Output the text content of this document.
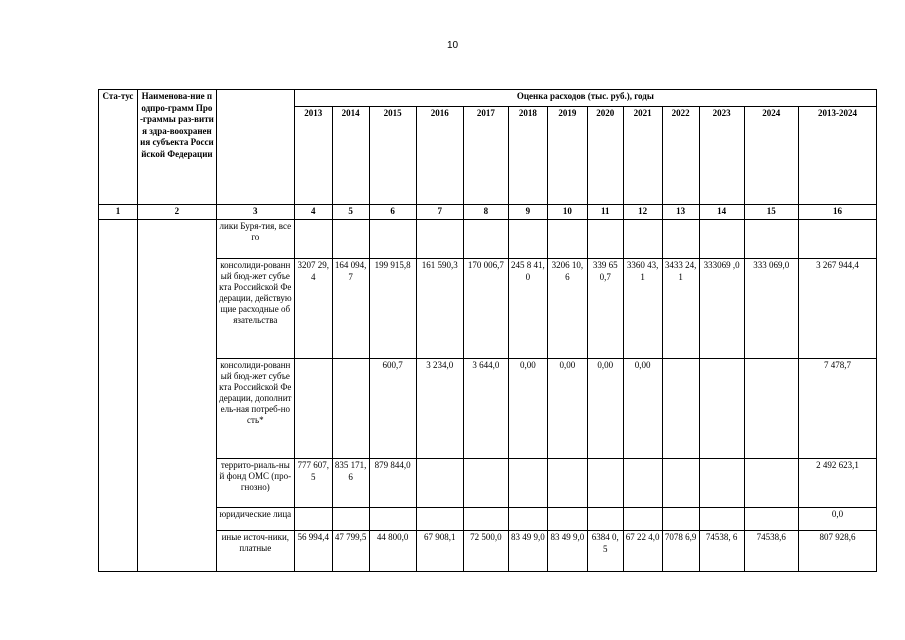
10
Ста-тус	Наименова-ние подпро-грамм Про-граммы раз-вития здра-воохранения субъекта Российской Федерации		Оценка расходов (тыс. руб.), годы												
			2013	2014	2015	2016	2017	2018	2019	2020	2021	2022	2023	2024	2013-2024
1	2	3	4	5	6	7	8	9	10	11	12	13	14	15	16
		лики Буря-тия, всего													
		консолиди-рованный бюд-жет субъекта Российской Федерации, действующие расходные обязательства	3207 29,4	164 094,7	199 915,8	161 590,3	170 006,7	245 8 41,0	3206 10,6	339 650,7	3360 43,1	3433 24,1	333069 ,0	333 069,0	3 267 944,4
		консолиди-рованный бюд-жет субъекта Российской Федерации, дополнитель-ная потреб-ность*			600,7	3 234,0	3 644,0	0,00	0,00	0,00	0,00				7 478,7
		террито-риаль-ный фонд ОМС (про-гнозно)	777 607,5	835 171,6	879 844,0										2 492 623,1
		юридические лица													0,0
		иные источ-ники, платные	56 994,4	47 799,5	44 800,0	67 908,1	72 500,0	83 49 9,0	83 49 9,0	6384 0,5	67 22 4,0	7078 6,9	74538, 6	74538,6	807 928,6
